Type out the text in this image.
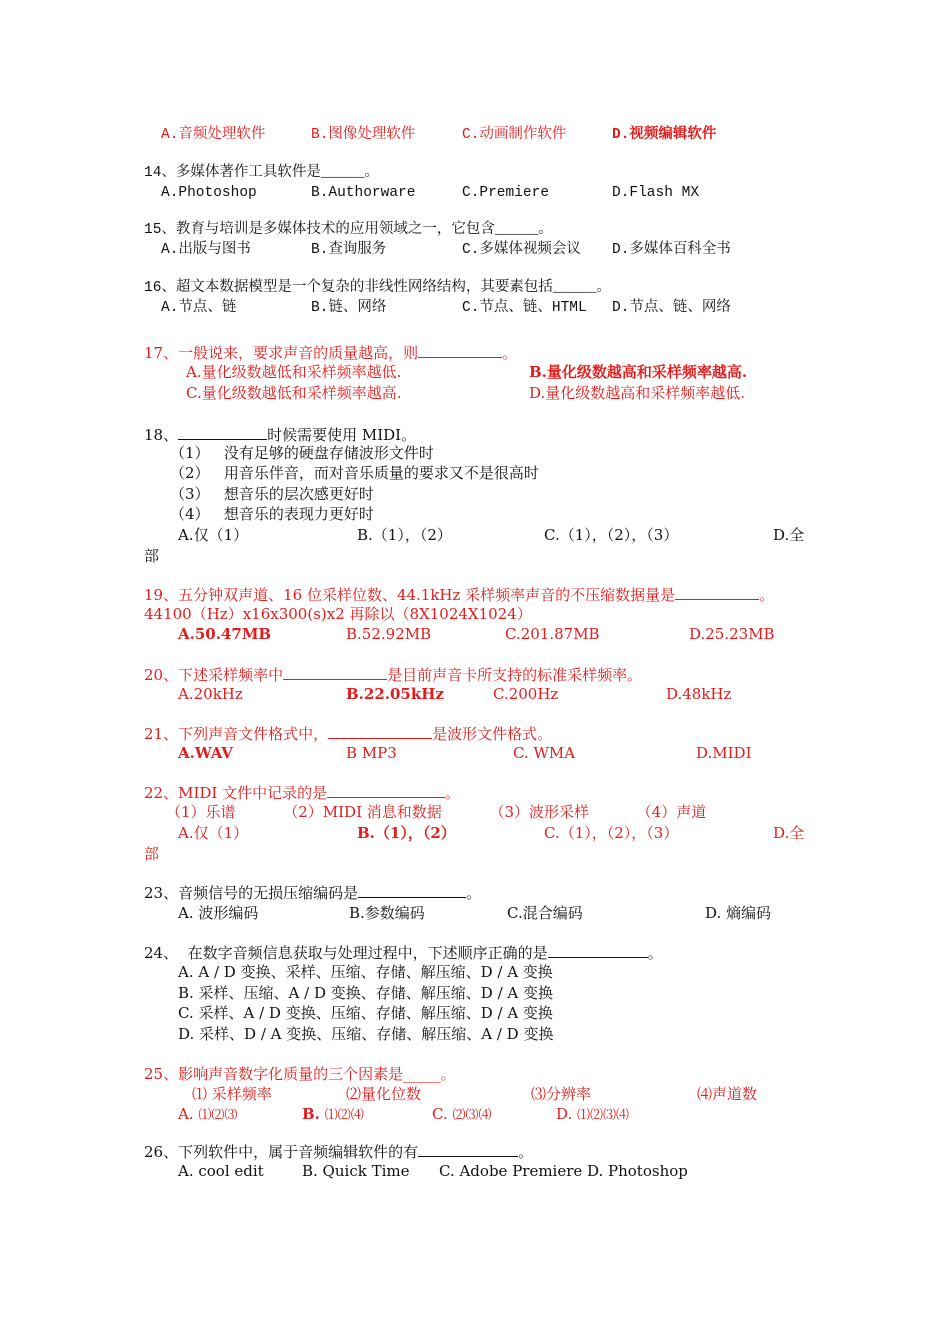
A.音频处理软件	B.图像处理软件	C.动画制作软件	D.视频编辑软件
14、多媒体著作工具软件是_____。
A.Photoshop	B.Authorware	C.Premiere	D.Flash MX
15、教育与培训是多媒体技术的应用领域之一，它包含_____。
A.出版与图书	B.查询服务	C.多媒体视频会议 D.多媒体百科全书
16、超文本数据模型是一个复杂的非线性网络结构，其要素包括_____。
A.节点、链	B.链、网络	C.节点、链、HTML D.节点、链、网络
17、一般说来，要求声音的质量越高，则	。
A.量化级数越低和采样频率越低.	B.量化级数越高和采样频率越高.
C.量化级数越低和采样频率越高.	D.量化级数越高和采样频率越低.
18、	时候需要使用 MIDI。
（1）   没有足够的硬盘存储波形文件时
（2）   用音乐伴音，而对音乐质量的要求又不是很高时
（3）   想音乐的层次感更好时
（4）   想音乐的表现力更好时
A.仅（1）	B.（1），（2）	C.（1），（2），（3）	D.全
部
19、五分钟双声道、16 位采样位数、44.1kHz 采样频率声音的不压缩数据量是	。
44100（Hz）x16x300(s)x2 再除以（8X1024X1024）
A.50.47MB	B.52.92MB	C.201.87MB	D.25.23MB
20、下述采样频率中	是目前声音卡所支持的标准采样频率。
A.20kHz	B.22.05kHz	C.200Hz	D.48kHz
21、下列声音文件格式中，	是波形文件格式。
A.WAV	B MP3	C. WMA	D.MIDI
22、MIDI 文件中记录的是	。
（1）乐谱          （2）MIDI 消息和数据          （3）波形采样          （4）声道
A.仅（1）	B.（1），（2）	C.（1），（2），（3）	D.全
部
23、音频信号的无损压缩编码是	。
A. 波形编码	B.参数编码	C.混合编码	D. 熵编码
24、  在数字音频信息获取与处理过程中，下述顺序正确的是	。
A. A / D 变换、采样、压缩、存储、解压缩、D / A 变换
B. 采样、压缩、A / D 变换、存储、解压缩、D / A 变换
C. 采样、A / D 变换、压缩、存储、解压缩、D / A 变换
D. 采样、D / A 变换、压缩、存储、解压缩、A / D 变换
25、影响声音数字化质量的三个因素是_____。
⑴ 采样频率	⑵量化位数	⑶分辨率	⑷声道数
A. ⑴⑵⑶	B. ⑴⑵⑷	C. ⑵⑶⑷	D. ⑴⑵⑶⑷
26、下列软件中，属于音频编辑软件的有	。
A. cool edit	B. Quick Time C. Adobe Premiere D. Photoshop
